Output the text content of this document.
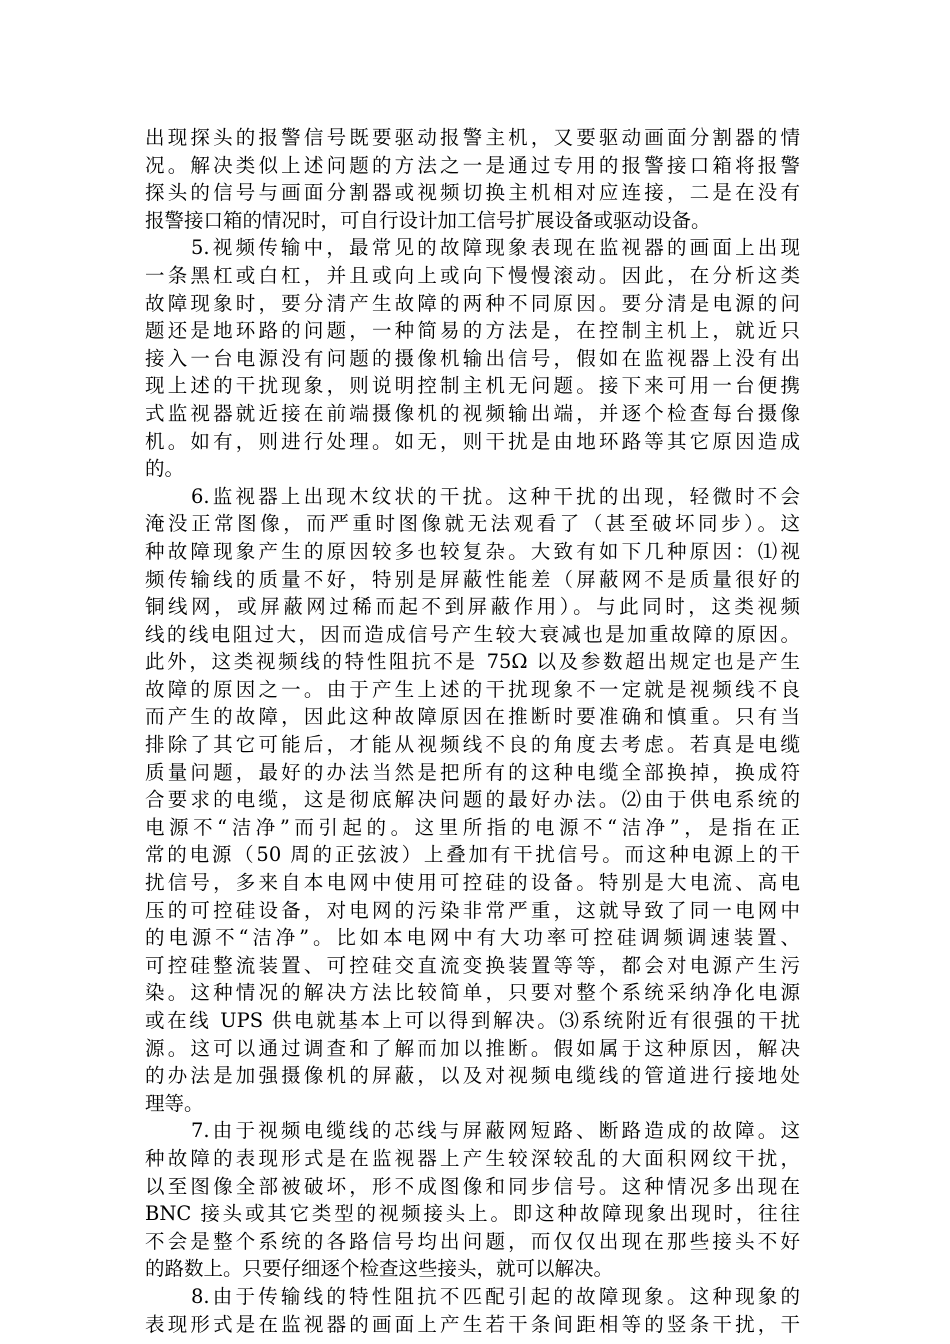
出现探头的报警信号既要驱动报警主机，又要驱动画面分割器的情
况。解决类似上述问题的方法之一是通过专用的报警接口箱将报警
探头的信号与画面分割器或视频切换主机相对应连接，二是在没有
报警接口箱的情况时，可自行设计加工信号扩展设备或驱动设备。
5.视频传输中，最常见的故障现象表现在监视器的画面上出现
一条黑杠或白杠，并且或向上或向下慢慢滚动。因此，在分析这类
故障现象时，要分清产生故障的两种不同原因。要分清是电源的问
题还是地环路的问题，一种简易的方法是，在控制主机上，就近只
接入一台电源没有问题的摄像机输出信号，假如在监视器上没有出
现上述的干扰现象，则说明控制主机无问题。接下来可用一台便携
式监视器就近接在前端摄像机的视频输出端，并逐个检查每台摄像
机。如有，则进行处理。如无，则干扰是由地环路等其它原因造成
的。
6.监视器上出现木纹状的干扰。这种干扰的出现，轻微时不会
淹没正常图像，而严重时图像就无法观看了（甚至破坏同步）。这
种故障现象产生的原因较多也较复杂。大致有如下几种原因：⑴视
频传输线的质量不好，特别是屏蔽性能差（屏蔽网不是质量很好的
铜线网，或屏蔽网过稀而起不到屏蔽作用）。与此同时，这类视频
线的线电阻过大，因而造成信号产生较大衰减也是加重故障的原因。
此外，这类视频线的特性阻抗不是 75Ω 以及参数超出规定也是产生
故障的原因之一。由于产生上述的干扰现象不一定就是视频线不良
而产生的故障，因此这种故障原因在推断时要准确和慎重。只有当
排除了其它可能后，才能从视频线不良的角度去考虑。若真是电缆
质量问题，最好的办法当然是把所有的这种电缆全部换掉，换成符
合要求的电缆，这是彻底解决问题的最好办法。⑵由于供电系统的
电源不“洁净”而引起的。这里所指的电源不“洁净”，是指在正
常的电源（50 周的正弦波）上叠加有干扰信号。而这种电源上的干
扰信号，多来自本电网中使用可控硅的设备。特别是大电流、高电
压的可控硅设备，对电网的污染非常严重，这就导致了同一电网中
的电源不“洁净”。比如本电网中有大功率可控硅调频调速装置、
可控硅整流装置、可控硅交直流变换装置等等，都会对电源产生污
染。这种情况的解决方法比较简单，只要对整个系统采纳净化电源
或在线 UPS 供电就基本上可以得到解决。⑶系统附近有很强的干扰
源。这可以通过调查和了解而加以推断。假如属于这种原因，解决
的办法是加强摄像机的屏蔽，以及对视频电缆线的管道进行接地处
理等。
7.由于视频电缆线的芯线与屏蔽网短路、断路造成的故障。这
种故障的表现形式是在监视器上产生较深较乱的大面积网纹干扰，
以至图像全部被破坏，形不成图像和同步信号。这种情况多出现在
BNC 接头或其它类型的视频接头上。即这种故障现象出现时，往往
不会是整个系统的各路信号均出问题，而仅仅出现在那些接头不好
的路数上。只要仔细逐个检查这些接头，就可以解决。
8.由于传输线的特性阻抗不匹配引起的故障现象。这种现象的
表现形式是在监视器的画面上产生若干条间距相等的竖条干扰，干
